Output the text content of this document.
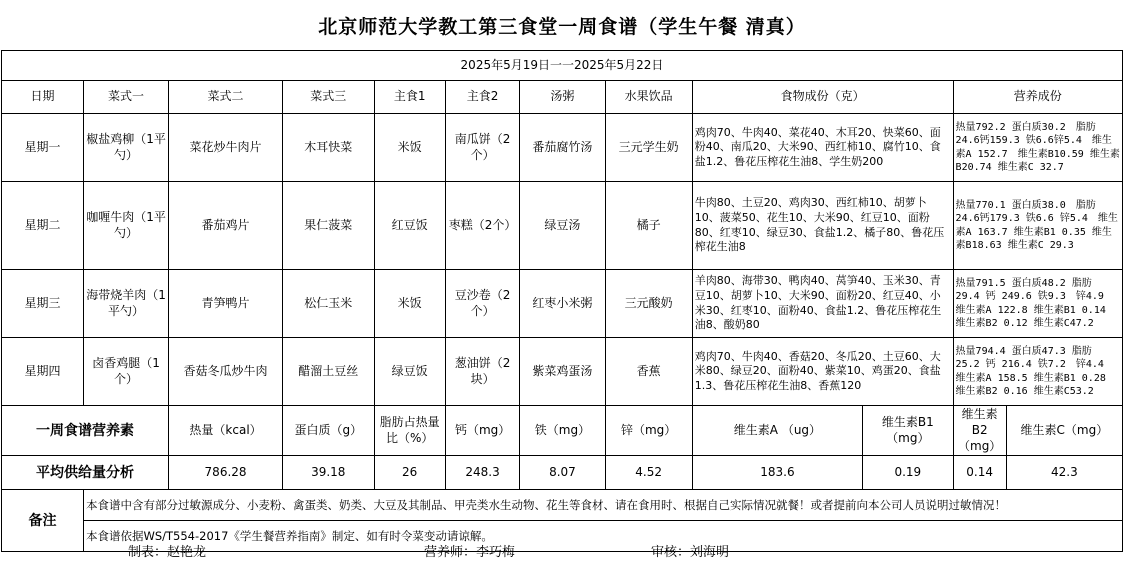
北京师范大学教工第三食堂一周食谱（学生午餐 清真）
2025年5月19日一一2025年5月22日											
日期	菜式一	菜式二	菜式三	主食1	主食2	汤粥	水果饮品	食物成份（克）		营养成份	
星期一	椒盐鸡柳（1平勺）	菜花炒牛肉片	木耳快菜	米饭	南瓜饼（2个）	番茄腐竹汤	三元学生奶	鸡肉70、牛肉40、菜花40、木耳20、快菜60、面粉40、南瓜20、大米90、西红柿10、腐竹10、食盐1.2、鲁花压榨花生油8、学生奶200		热量792.2 蛋白质30.2　脂肪 24.6钙159.3 铁6.6锌5.4　维生素A 152.7　维生素B10.59 维生素B20.74 维生素C 32.7	
星期二	咖喱牛肉（1平勺）	番茄鸡片	果仁菠菜	红豆饭	枣糕（2个）	绿豆汤	橘子	牛肉80、土豆20、鸡肉30、西红柿10、胡萝卜10、菠菜50、花生10、大米90、红豆10、面粉80、红枣10、绿豆30、食盐1.2、橘子80、鲁花压榨花生油8		热量770.1 蛋白质38.0　脂肪 24.6钙179.3 铁6.6 锌5.4　维生素A 163.7 维生素B1 0.35 维生素B18.63 维生素C 29.3	
星期三	海带烧羊肉（1平勺）	青笋鸭片	松仁玉米	米饭	豆沙卷（2个）	红枣小米粥	三元酸奶	羊肉80、海带30、鸭肉40、莴笋40、玉米30、青豆10、胡萝卜10、大米90、面粉20、红豆40、小米30、红枣10、面粉40、食盐1.2、鲁花压榨花生油8、酸奶80		热量791.5 蛋白质48.2 脂肪　29.4 钙 249.6 铁9.3　锌4.9　维生素A 122.8 维生素B1 0.14 维生素B2 0.12 维生素C47.2	
星期四	卤香鸡腿（1个）	香菇冬瓜炒牛肉	醋溜土豆丝	绿豆饭	葱油饼（2块）	紫菜鸡蛋汤	香蕉	鸡肉70、牛肉40、香菇20、冬瓜20、土豆60、大米80、绿豆20、面粉40、紫菜10、鸡蛋20、食盐1.3、鲁花压榨花生油8、香蕉120		热量794.4 蛋白质47.3 脂肪 25.2 钙 216.4 铁7.2　锌4.4　维生素A 158.5 维生素B1 0.28 维生素B2 0.16 维生素C53.2	
一周食谱营养素		热量（kcal）	蛋白质（g）	脂肪占热量比（%）	钙（mg）	铁（mg）	锌（mg）	维生素A （ug）	维生素B1（mg）	维生素B2（mg）	维生素C（mg）
平均供给量分析		786.28	39.18	26	248.3	8.07	4.52	183.6	0.19	0.14	42.3
备注	本食谱中含有部分过敏源成分、小麦粉、禽蛋类、奶类、大豆及其制品、甲壳类水生动物、花生等食材、请在食用时、根据自己实际情况就餐！或者提前向本公司人员说明过敏情况！										
	本食谱依据WS/T554-2017《学生餐营养指南》制定、如有时令菜变动请谅解。										
制表：赵艳龙	营养师：李巧梅	审核：刘海明
